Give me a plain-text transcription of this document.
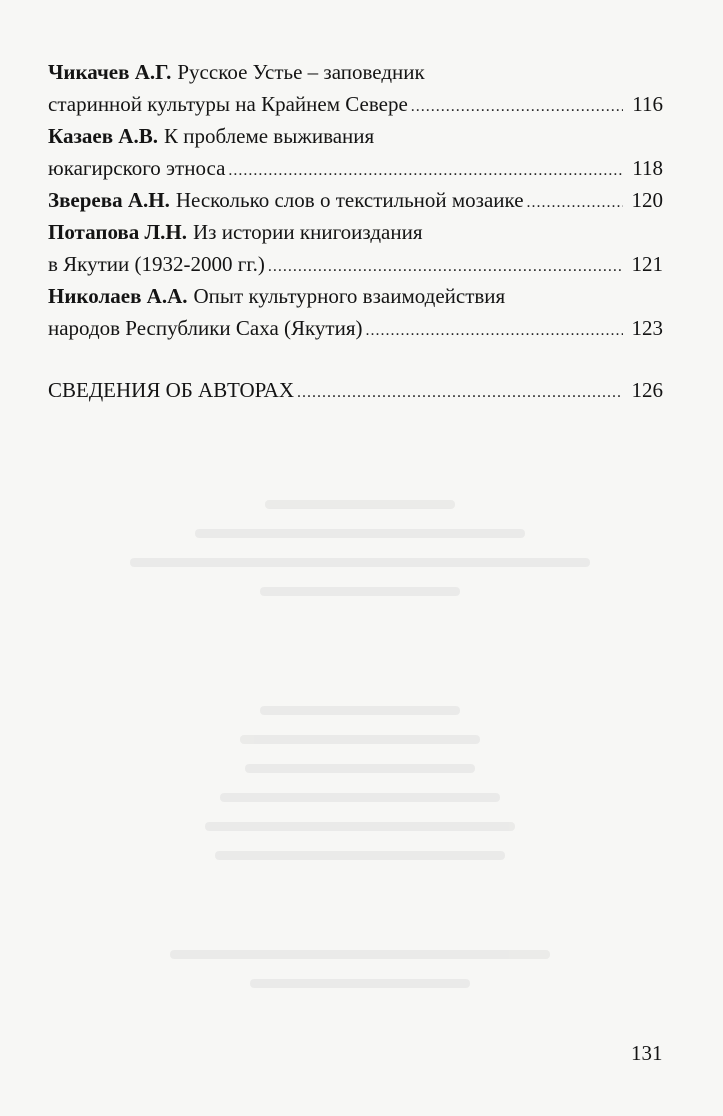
Чикачев А.Г. Русское Устье – заповедник
старинной культуры на Крайнем Севере .....	116
Казаев А.В. К проблеме выживания
юкагирского этноса .....	118
Зверева А.Н. Несколько слов о текстильной мозаике .....	120
Потапова Л.Н. Из истории книгоиздания
в Якутии (1932-2000 гг.) .....	121
Николаев А.А. Опыт культурного взаимодействия
народов Республики Саха (Якутия) .....	123
СВЕДЕНИЯ ОБ АВТОРАХ .....	126
131
